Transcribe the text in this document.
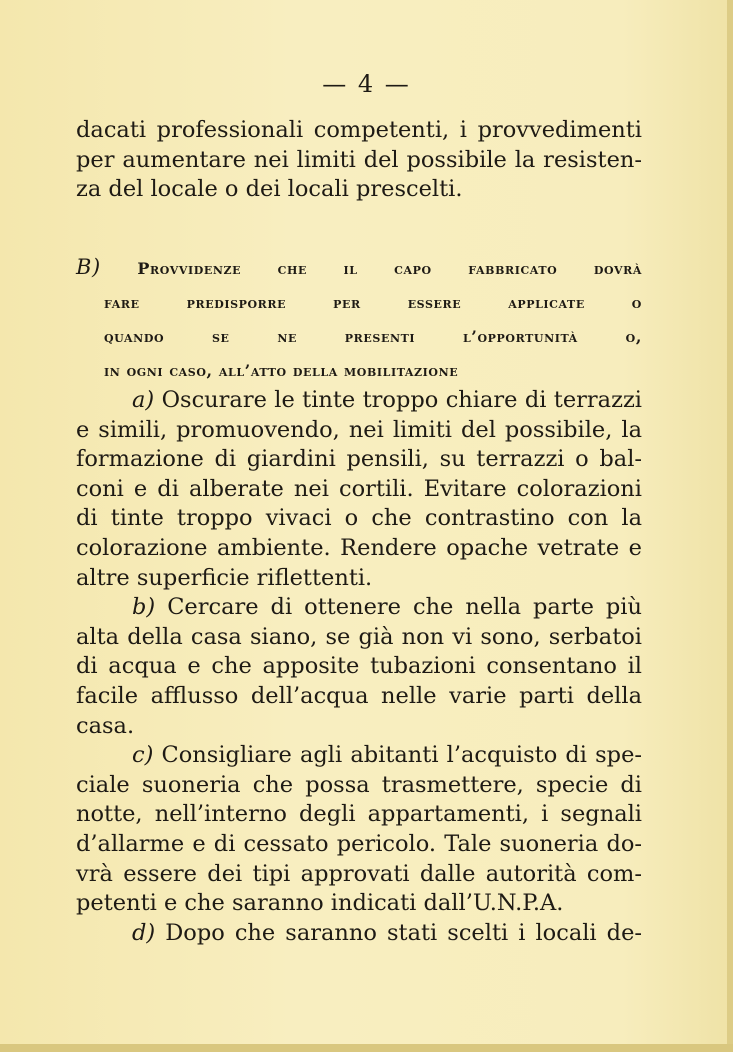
— 4 —
dacati professionali competenti, i provvedimenti
per aumentare nei limiti del possibile la resisten-
za del locale o dei locali prescelti.
B) Provvidenze che il capo fabbricato dovrà
fare predisporre per essere applicate o
quando se ne presenti l’opportunità o,
in ogni caso, all’atto della mobilitazione
a) Oscurare le tinte troppo chiare di terrazzi
e simili, promuovendo, nei limiti del possibile, la
formazione di giardini pensili, su terrazzi o bal-
coni e di alberate nei cortili. Evitare colorazioni
di tinte troppo vivaci o che contrastino con la
colorazione ambiente. Rendere opache vetrate e
altre superficie riflettenti.
b) Cercare di ottenere che nella parte più
alta della casa siano, se già non vi sono, serbatoi
di acqua e che apposite tubazioni consentano il
facile afflusso dell’acqua nelle varie parti della
casa.
c) Consigliare agli abitanti l’acquisto di spe-
ciale suoneria che possa trasmettere, specie di
notte, nell’interno degli appartamenti, i segnali
d’allarme e di cessato pericolo. Tale suoneria do-
vrà essere dei tipi approvati dalle autorità com-
petenti e che saranno indicati dall’U.N.P.A.
d) Dopo che saranno stati scelti i locali de-
